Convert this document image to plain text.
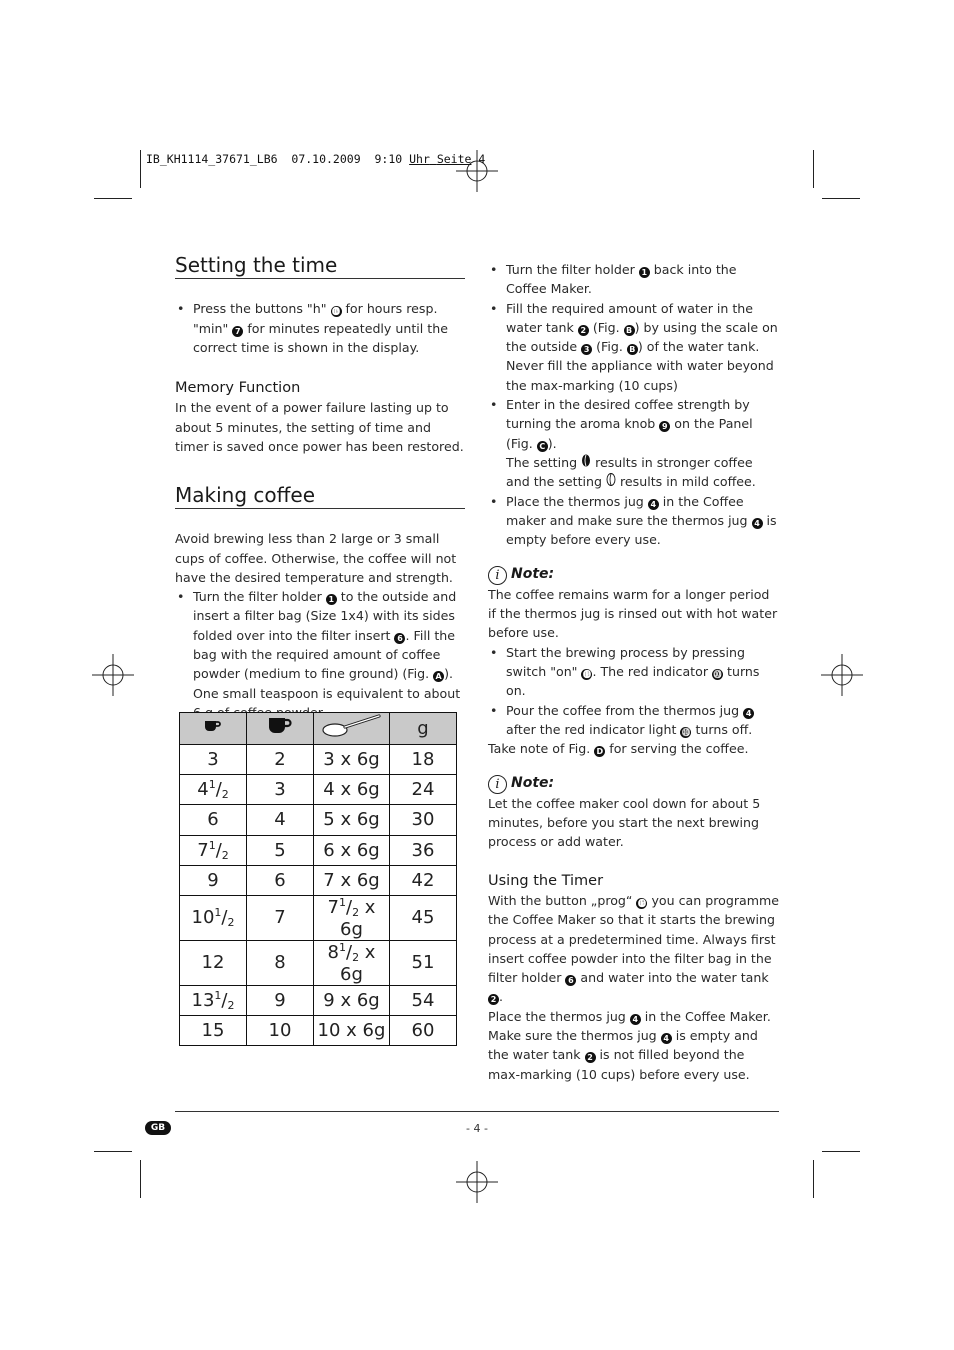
IB_KH1114_37671_LB6  07.10.2009  9:10 Uhr Seite 4
Setting the time
• Press the buttons "h" ⓰ for hours resp. "min" 7 for minutes repeatedly until the correct time is shown in the display.
Memory Function

In the event of a power failure lasting up to about 5 minutes, the setting of time and timer is saved once power has been restored.

Making coffee

Avoid brewing less than 2 large or 3 small cups of coffee. Otherwise, the coffee will not have the desired temperature and strength.

• Turn the filter holder 1 to the outside and insert a filter bag (Size 1x4) with its sides folded over into the filter insert 6 . Fill the bag with the required amount of coffee powder (medium to fine ground) (Fig. A ). One small teaspoon is equivalent to about
			g
3	2	3 x 6g	18
$4^1/_2$	3	4 x 6g	24
6	4	5 x 6g	30
$7^1/_2$	5	6 x 6g	36
9	6	7 x 6g	42
$10^1/_2$	7	$7^1/_2$ x 6g	45
12	8	$8^1/_2$ x 6g	51
$13^1/_2$	9	9 x 6g	54
15	10	10 x 6g	60
• Turn the filter holder 1 back into the Coffee Maker.
• Fill the required amount of water in the water tank 2 (Fig. B ) by using the scale on the outside 3 (Fig. B ) of the water tank. Never fill the appliance with water beyond the max-marking (10 cups)
• Enter in the desired coffee strength by turning the aroma knob 9 on the Panel (Fig. C ).
The setting  results in stronger coffee and the setting  results in mild coffee.
• Place the thermos jug 4 in the Coffee maker and make sure the thermos jug 4 is empty before every use.
i Note:

The coffee remains warm for a longer period if the thermos jug is rinsed out with hot water before use.

• Start the brewing process by pressing switch "on" ⓭ . The red indicator ⓾ turns on.
• Pour the coffee from the thermos jug 4 after the red indicator light ⓾ turns off.

Take note of Fig. D for serving the coffee.

i Note:

Let the coffee maker cool down for about 5 minutes, before you start the next brewing process or add water.

Using the Timer

With the button „prog“ ⓯ you can programme the Coffee Maker so that it starts the brewing process at a predetermined time. Always first insert coffee powder into the filter bag in the filter holder 6 and water into the water tank 2 .

Place the thermos jug 4 in the Coffee Maker.

Make sure the thermos jug 4 is empty and the water tank 2 is not filled beyond the max-marking (10 cups) before every use.

GB	- 4 -
